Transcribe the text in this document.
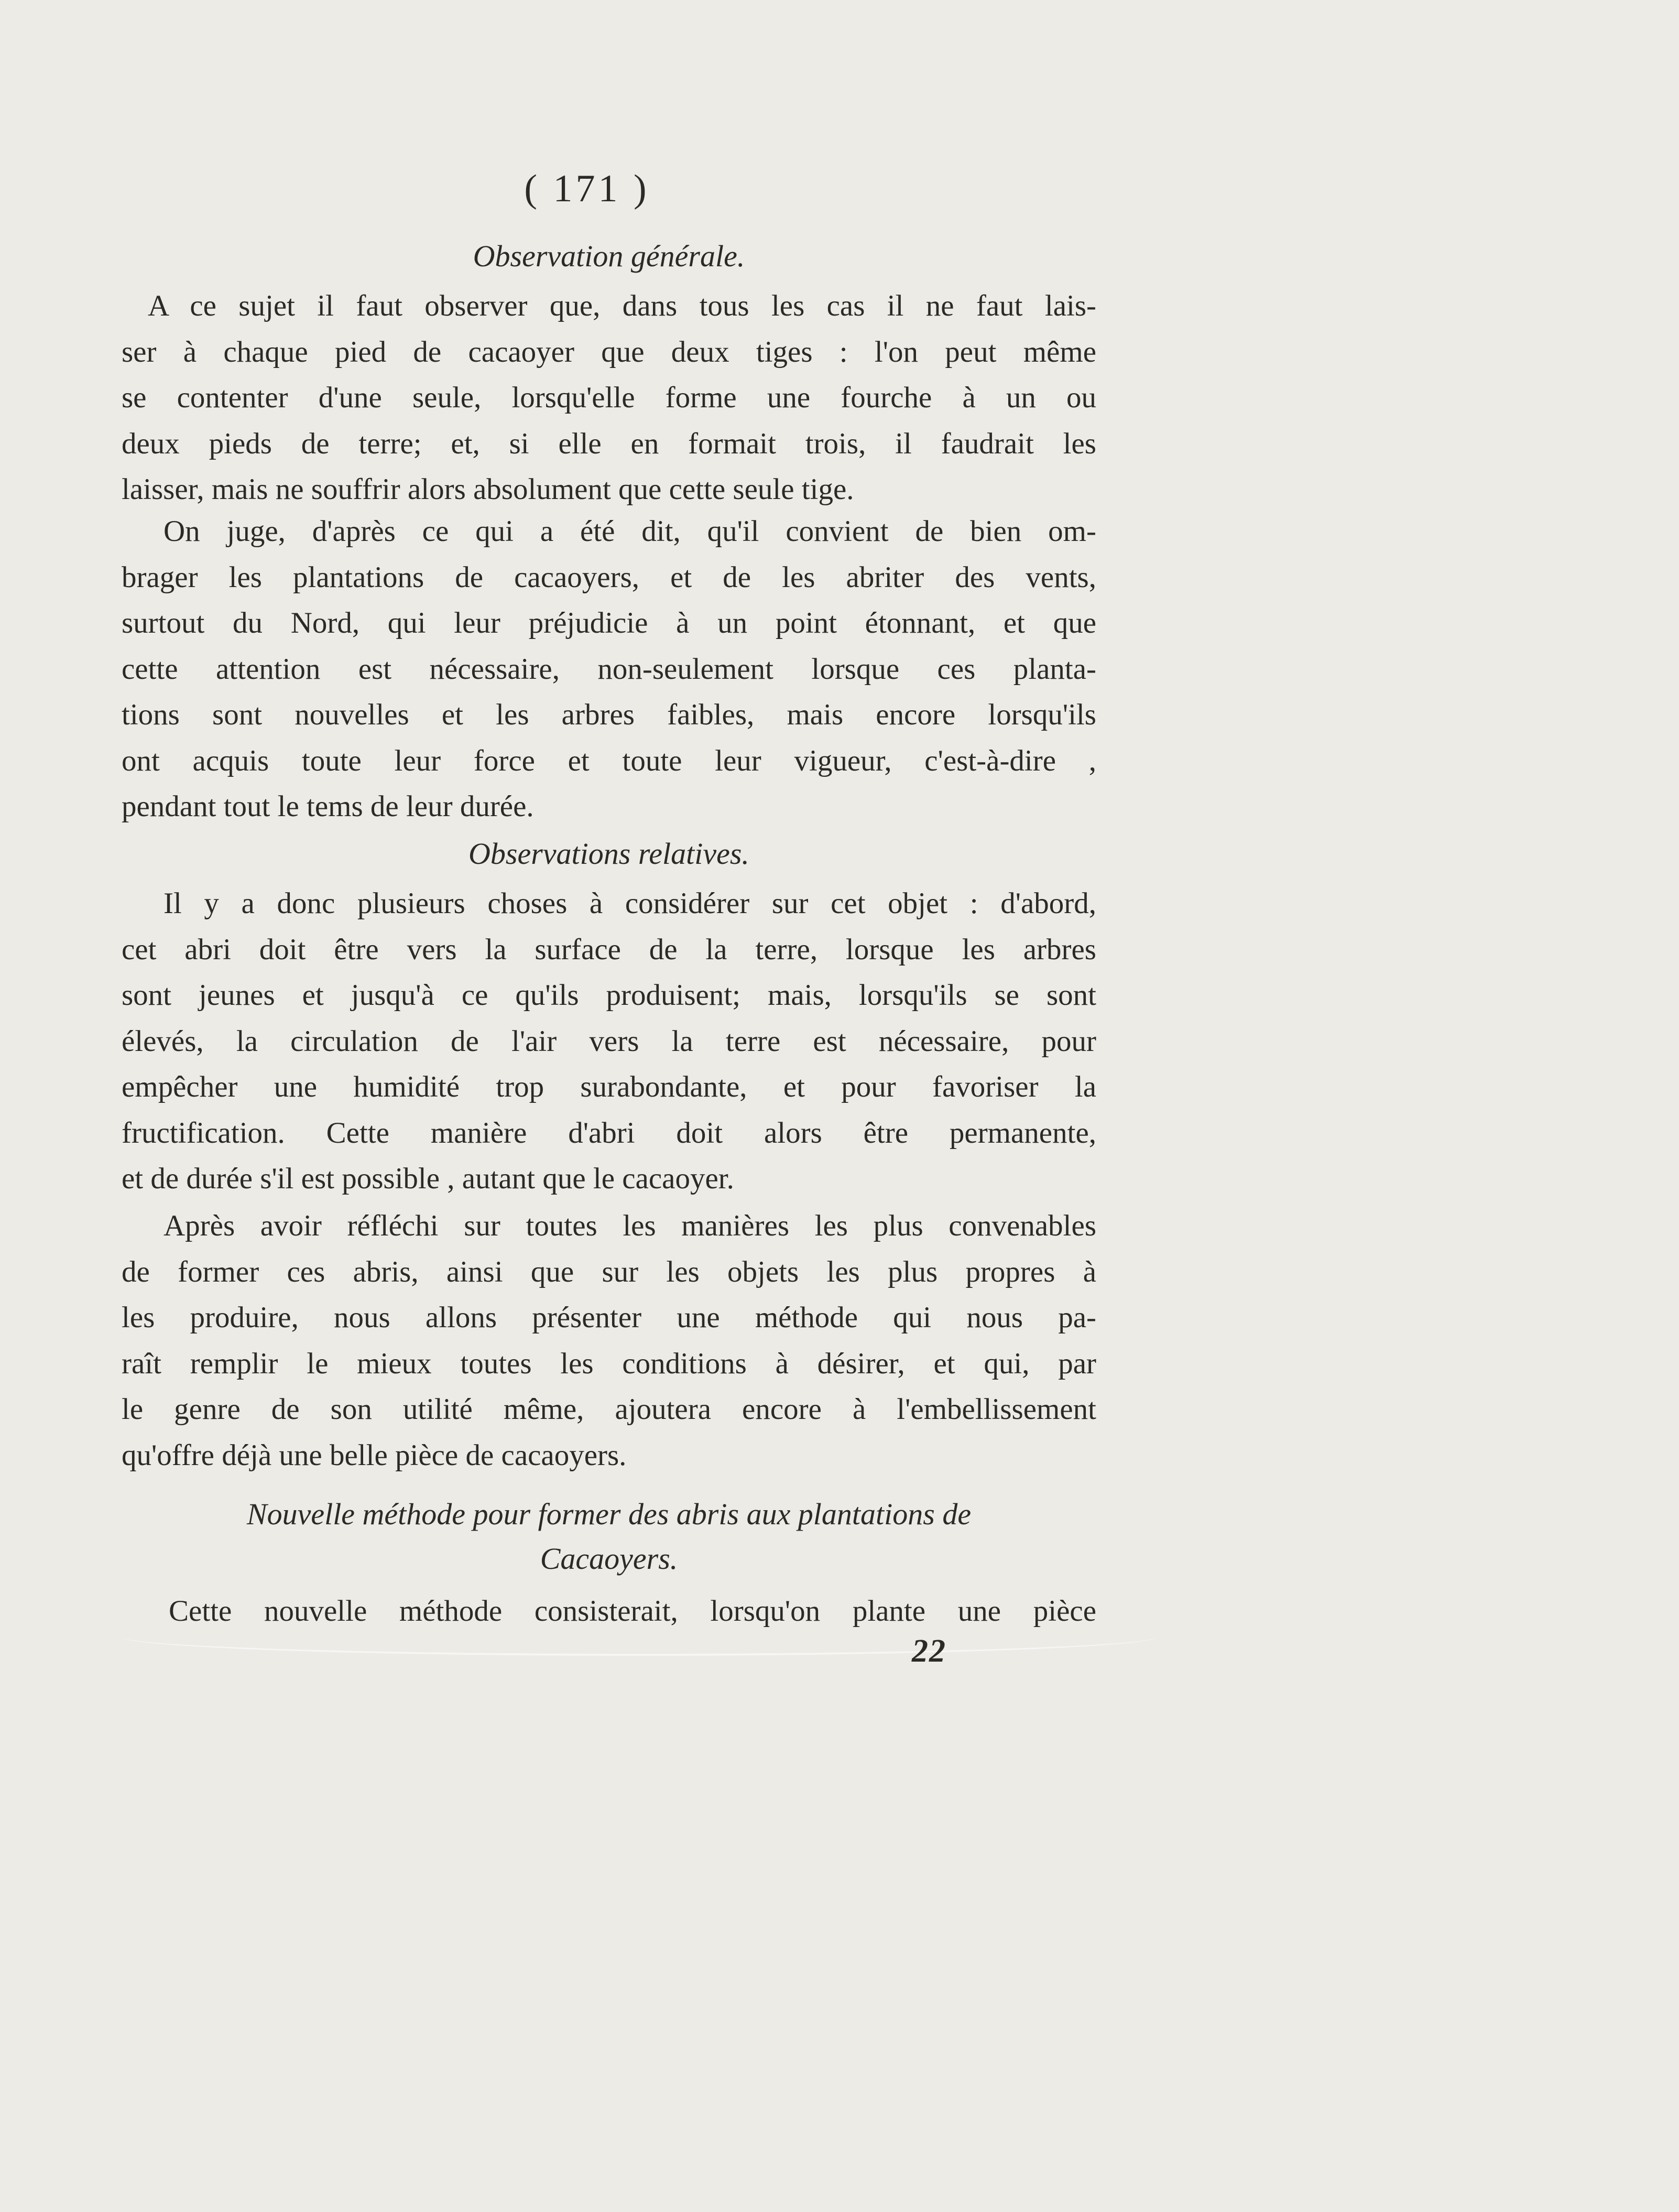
( 171 )
Observation générale.
A ce sujet il faut observer que, dans tous les cas il ne faut lais-
ser à chaque pied de cacaoyer que deux tiges : l'on peut même
se contenter d'une seule, lorsqu'elle forme une fourche à un ou
deux pieds de terre; et, si elle en formait trois, il faudrait les
laisser, mais ne souffrir alors absolument que cette seule tige.
On juge, d'après ce qui a été dit, qu'il convient de bien om-
brager les plantations de cacaoyers, et de les abriter des vents,
surtout du Nord, qui leur préjudicie à un point étonnant, et que
cette attention est nécessaire, non-seulement lorsque ces planta-
tions sont nouvelles et les arbres faibles, mais encore lorsqu'ils
ont acquis toute leur force et toute leur vigueur, c'est-à-dire ,
pendant tout le tems de leur durée.
Observations relatives.
Il y a donc plusieurs choses à considérer sur cet objet : d'abord,
cet abri doit être vers la surface de la terre, lorsque les arbres
sont jeunes et jusqu'à ce qu'ils produisent; mais, lorsqu'ils se sont
élevés, la circulation de l'air vers la terre est nécessaire, pour
empêcher une humidité trop surabondante, et pour favoriser la
fructification. Cette manière d'abri doit alors être permanente,
et de durée s'il est possible , autant que le cacaoyer.
Après avoir réfléchi sur toutes les manières les plus convenables
de former ces abris, ainsi que sur les objets les plus propres à
les produire, nous allons présenter une méthode qui nous pa-
raît remplir le mieux toutes les conditions à désirer, et qui, par
le genre de son utilité même, ajoutera encore à l'embellissement
qu'offre déjà une belle pièce de cacaoyers.
Nouvelle méthode pour former des abris aux plantations de
Cacaoyers.
Cette nouvelle méthode consisterait, lorsqu'on plante une pièce
22
